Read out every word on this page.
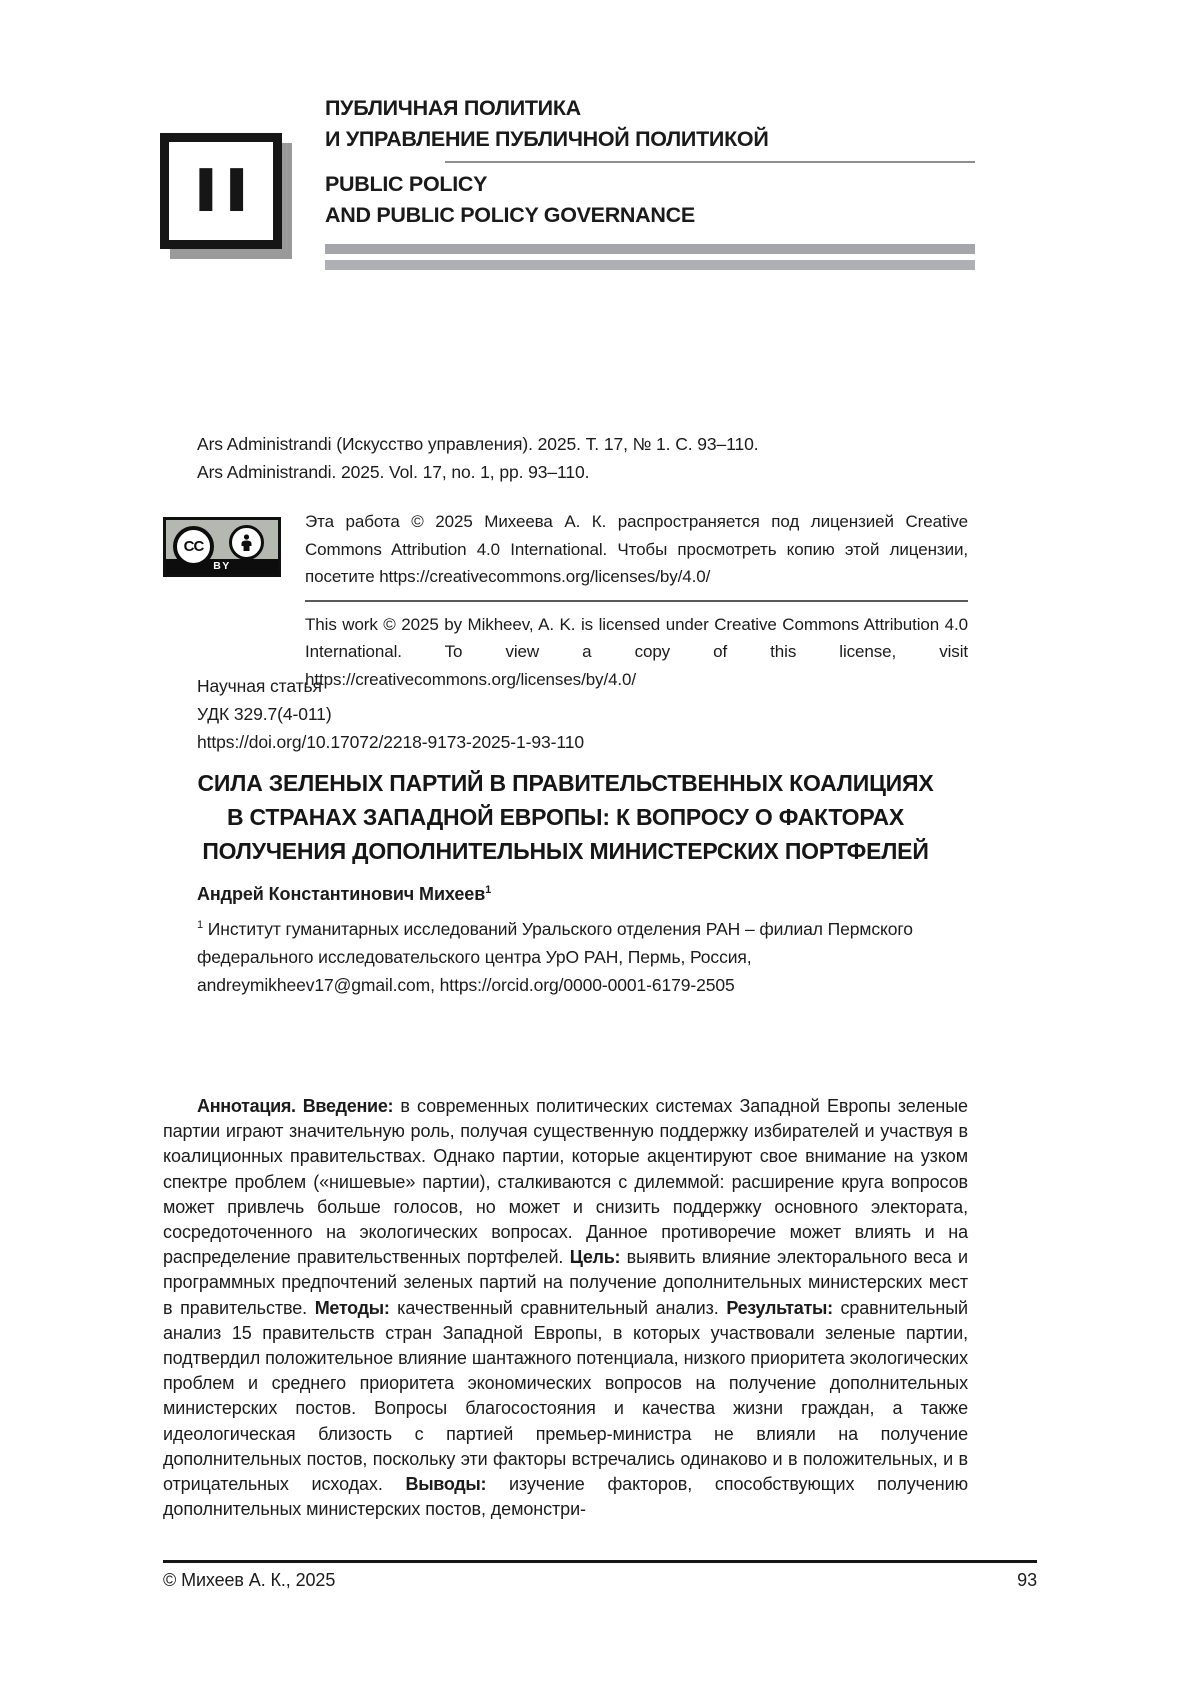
II
ПУБЛИЧНАЯ ПОЛИТИКА
И УПРАВЛЕНИЕ ПУБЛИЧНОЙ ПОЛИТИКОЙ
PUBLIC POLICY
AND PUBLIC POLICY GOVERNANCE
Ars Administrandi (Искусство управления). 2025. Т. 17, № 1. С. 93–110.
Ars Administrandi. 2025. Vol. 17, no. 1, pp. 93–110.
CC
BY
Эта работа © 2025 Михеева А. К. распространяется под лицензией Creative Commons Attribution 4.0 International. Чтобы просмотреть копию этой лицензии, посетите https://creativecommons.org/licenses/by/4.0/
This work © 2025 by Mikheev, A. K. is licensed under Creative Commons Attribution 4.0 International. To view a copy of this license, visit https://creativecommons.org/licenses/by/4.0/
Научная статья
УДК 329.7(4-011)
https://doi.org/10.17072/2218-9173-2025-1-93-110
СИЛА ЗЕЛЕНЫХ ПАРТИЙ В ПРАВИТЕЛЬСТВЕННЫХ КОАЛИЦИЯХ
В СТРАНАХ ЗАПАДНОЙ ЕВРОПЫ: К ВОПРОСУ О ФАКТОРАХ
ПОЛУЧЕНИЯ ДОПОЛНИТЕЛЬНЫХ МИНИСТЕРСКИХ ПОРТФЕЛЕЙ

Андрей Константинович Михеев$^1$

$^1$ Институт гуманитарных исследований Уральского отделения РАН – филиал Пермского федерального исследовательского центра УрО РАН, Пермь, Россия, andreymikheev17@gmail.com, https://orcid.org/0000-0001-6179-2505

Аннотация. Введение: в современных политических системах Западной Европы зеленые партии играют значительную роль, получая существенную поддержку избирателей и участвуя в коалиционных правительствах. Однако партии, которые акцентируют свое внимание на узком спектре проблем («нишевые» партии), сталкиваются с дилеммой: расширение круга вопросов может привлечь больше голосов, но может и снизить поддержку основного электората, сосредоточенного на экологических вопросах. Данное противоречие может влиять и на распределение правительственных портфелей. Цель: выявить влияние электорального веса и программных предпочтений зеленых партий на получение дополнительных министерских мест в правительстве. Методы: качественный сравнительный анализ. Результаты: сравнительный анализ 15 правительств стран Западной Европы, в которых участвовали зеленые партии, подтвердил положительное влияние шантажного потенциала, низкого приоритета экологических проблем и среднего приоритета экономических вопросов на получение дополнительных министерских постов. Вопросы благосостояния и качества жизни граждан, а также идеологическая близость с партией премьер-министра не влияли на получение дополнительных постов, поскольку эти факторы встречались одинаково и в положительных, и в отрицательных исходах. Выводы: изучение факторов, способствующих получению дополнительных министерских постов, демонстри-

© Михеев А. К., 2025	93
